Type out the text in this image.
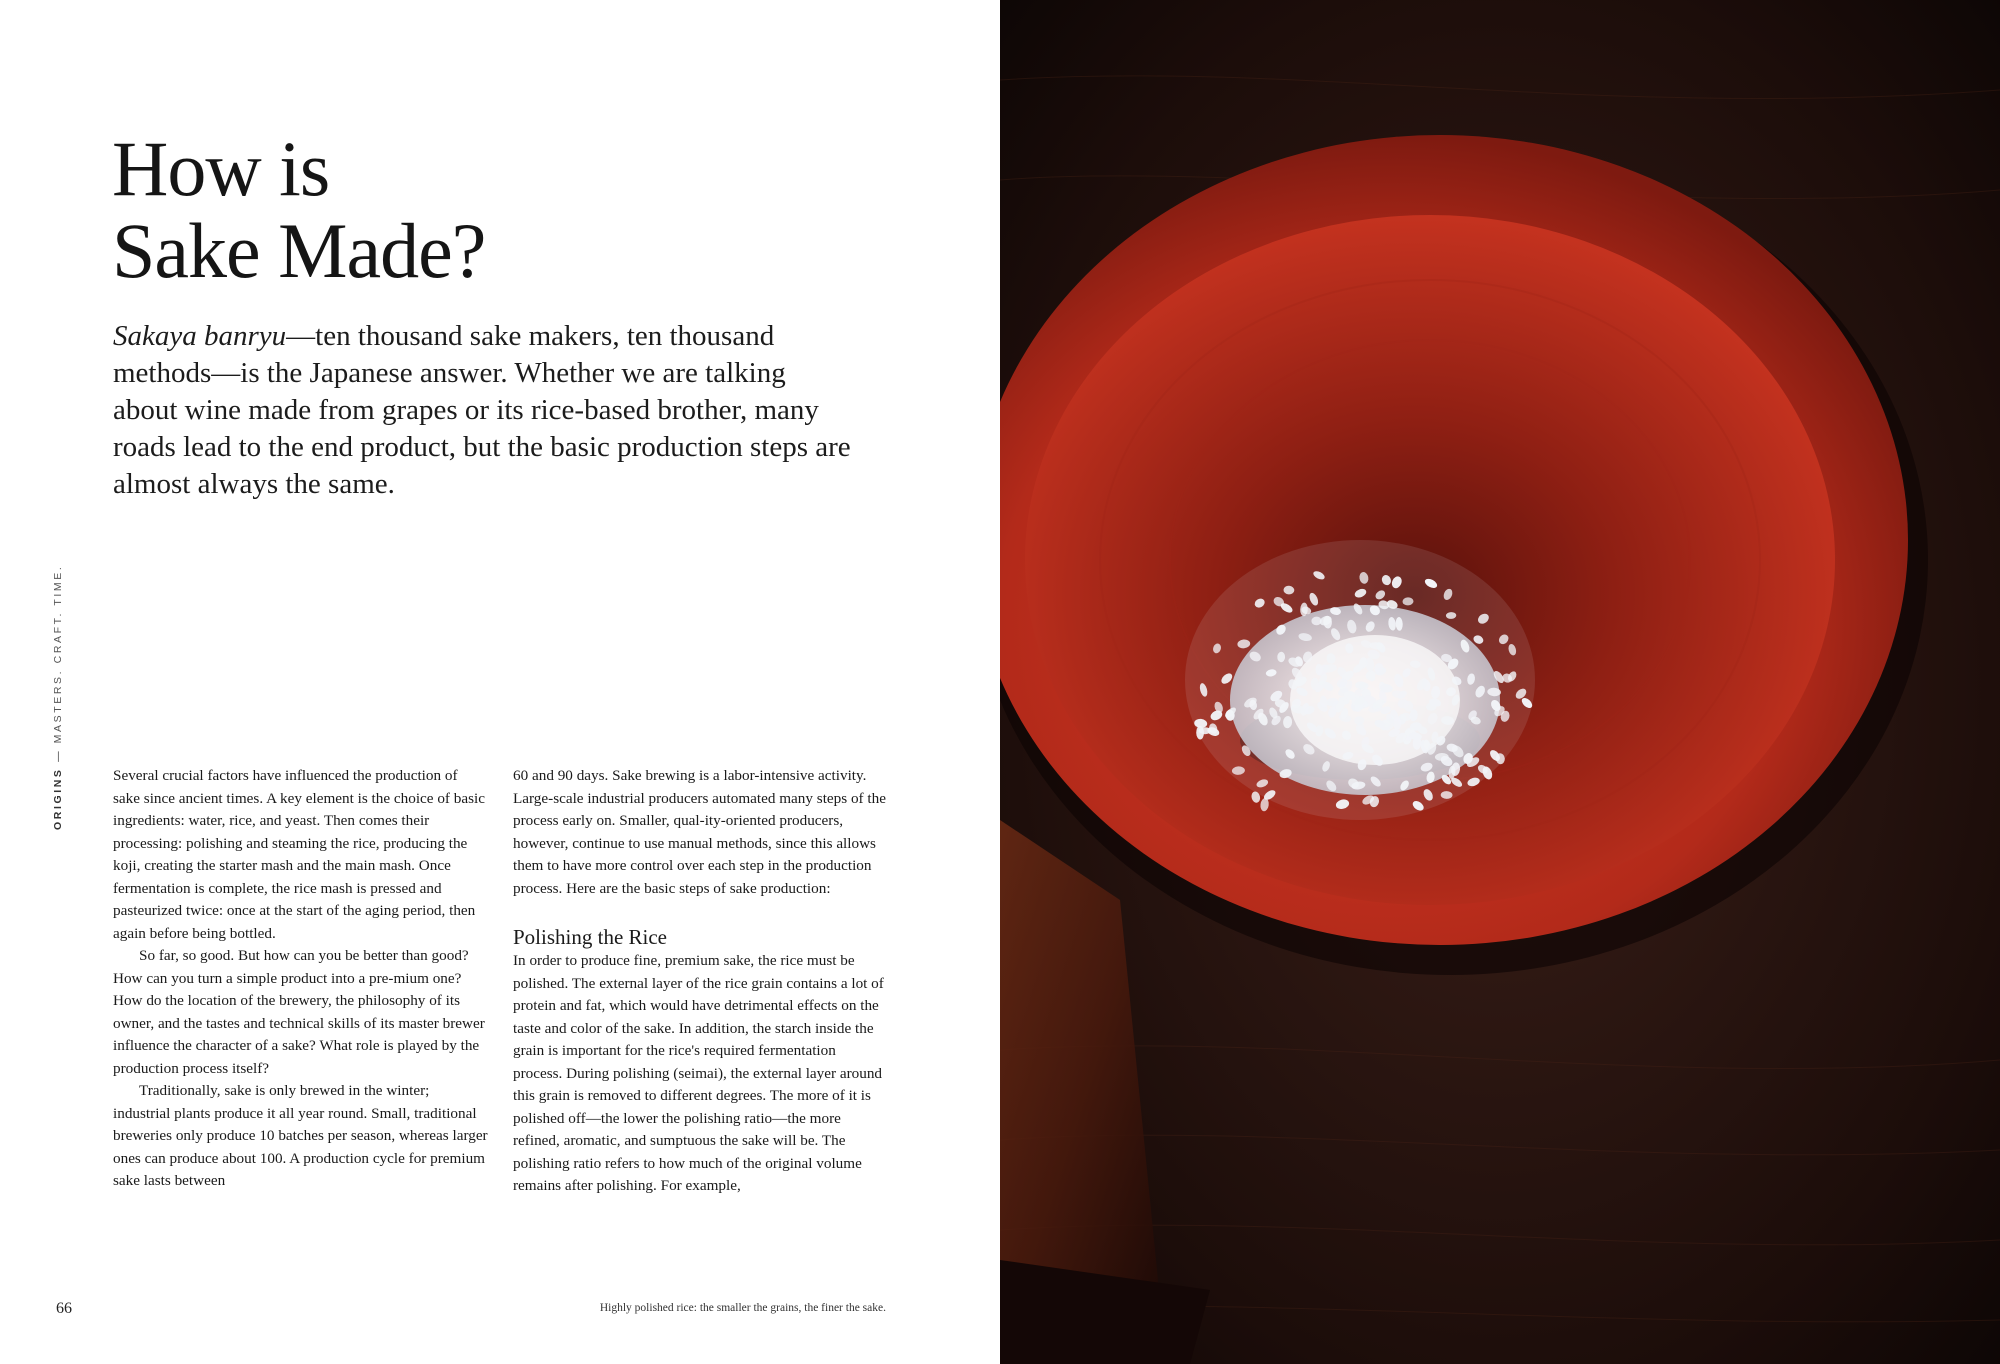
How is
Sake Made?

Sakaya banryu—ten thousand sake makers, ten thousand methods—is the Japanese answer. Whether we are talking about wine made from grapes or its rice-based brother, many roads lead to the end product, but the basic production steps are almost always the same.

ORIGINS — MASTERS. CRAFT. TIME.

Several crucial factors have influenced the production of sake since ancient times. A key element is the choice of basic ingredients: water, rice, and yeast. Then comes their processing: polishing and steaming the rice, producing the koji, creating the starter mash and the main mash. Once fermentation is complete, the rice mash is pressed and pasteurized twice: once at the start of the aging period, then again before being bottled.

So far, so good. But how can you be better than good? How can you turn a simple product into a pre-mium one? How do the location of the brewery, the philosophy of its owner, and the tastes and technical skills of its master brewer influence the character of a sake? What role is played by the production process itself?

Traditionally, sake is only brewed in the winter; industrial plants produce it all year round. Small, traditional breweries only produce 10 batches per season, whereas larger ones can produce about 100. A production cycle for premium sake lasts between

60 and 90 days. Sake brewing is a labor-intensive activity. Large-scale industrial producers automated many steps of the process early on. Smaller, qual-ity-oriented producers, however, continue to use manual methods, since this allows them to have more control over each step in the production process. Here are the basic steps of sake production:

Polishing the Rice

In order to produce fine, premium sake, the rice must be polished. The external layer of the rice grain contains a lot of protein and fat, which would have detrimental effects on the taste and color of the sake. In addition, the starch inside the grain is important for the rice's required fermentation process. During polishing (seimai), the external layer around this grain is removed to different degrees. The more of it is polished off—the lower the polishing ratio—the more refined, aromatic, and sumptuous the sake will be. The polishing ratio refers to how much of the original volume remains after polishing. For example,

66	Highly polished rice: the smaller the grains, the finer the sake.
